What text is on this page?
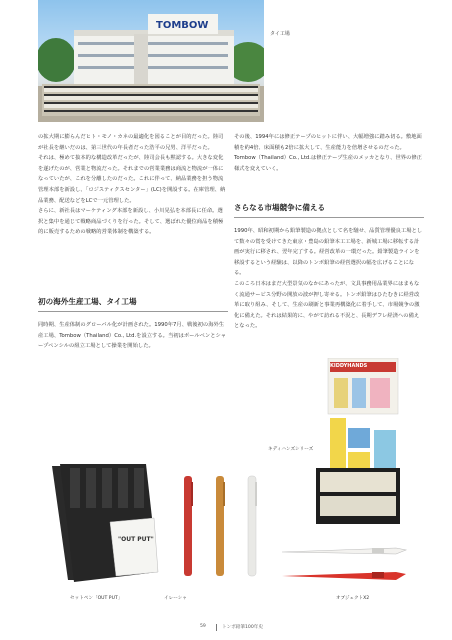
TOMBOW
タイ工場

の拡大期に膨らんだヒト・モノ・カネの最適化を図ることが目的だった。陸司が社長を継いだのは、第三世代の年長者だった浩平の兄男、洋平だった。

それは、極めて抜本的な構造改革だったが、陸司会長も黙認する。大きな変化を遂げたのが、営業と物流だった。それまでの営業業務は商流と物流が一体になっていたが、これを分離したのだった。これに伴って、納品業務を担う物流管理本部を新設し、「ロジスティクスセンター」(LC)を開設する。在庫管理、納品業務、配送などをLCで一元管理した。

さらに、新社長はマーケティング本部を新設し、小川晃弘を本部長に任命。選択と集中を通じて戦略商品づくりを行った。そして、選ばれた優位商品を積極的に販売するための戦略的営業体制を構築する。

初の海外生産工場、タイ工場

同時期、生産体制のグローバル化が計画された。1990年7月、戦後初の海外生産工場、Tombow（Thailand）Co., Ltd.を設立する。当初はボールペンとシャープペンシルの組立工場として操業を開始した。

その後、1994年には修正テープのヒットに伴い、大幅増強に踏み切る。敷地面積を約4倍、床面積も2倍に拡大して、生産能力を倍増させるのだった。Tombow（Thailand）Co., Ltd.は修正テープ生産のメッカとなり、世界の修正様式を変えていく。

さらなる市場競争に備える

1990年、昭和初期から鉛筆製造の拠点として名を馳せ、品質管理優良工場として数々の賞を受けてきた東京・豊島の鉛筆本工工場を、新城工場に移転する計画が実行に移され、翌年完了する。経営改革の一環だった。鉛筆製造ラインを移設するという経験は、以降のトンボ鉛筆の経営選択の幅を広げることになる。

このころ日本はまだ大型景気のなかにあったが、文具事務用品業界にはまもなく流通サービス分野の開放の波が押し寄せる。トンボ鉛筆はひたむきに経営改革に取り組み、そして、生産の刷新と事業再構築化に着手して、市場競争の激化に備えた。それは結果的に、やがて訪れる不況と、長期デフレ経済への備えとなった。

KIDDYHANDS
キディハンズシリーズ
"OUT PUT"
セットペン「OUT PUT」	イレーシャ	オブジェクトX2
59	トンボ鉛筆100年史
